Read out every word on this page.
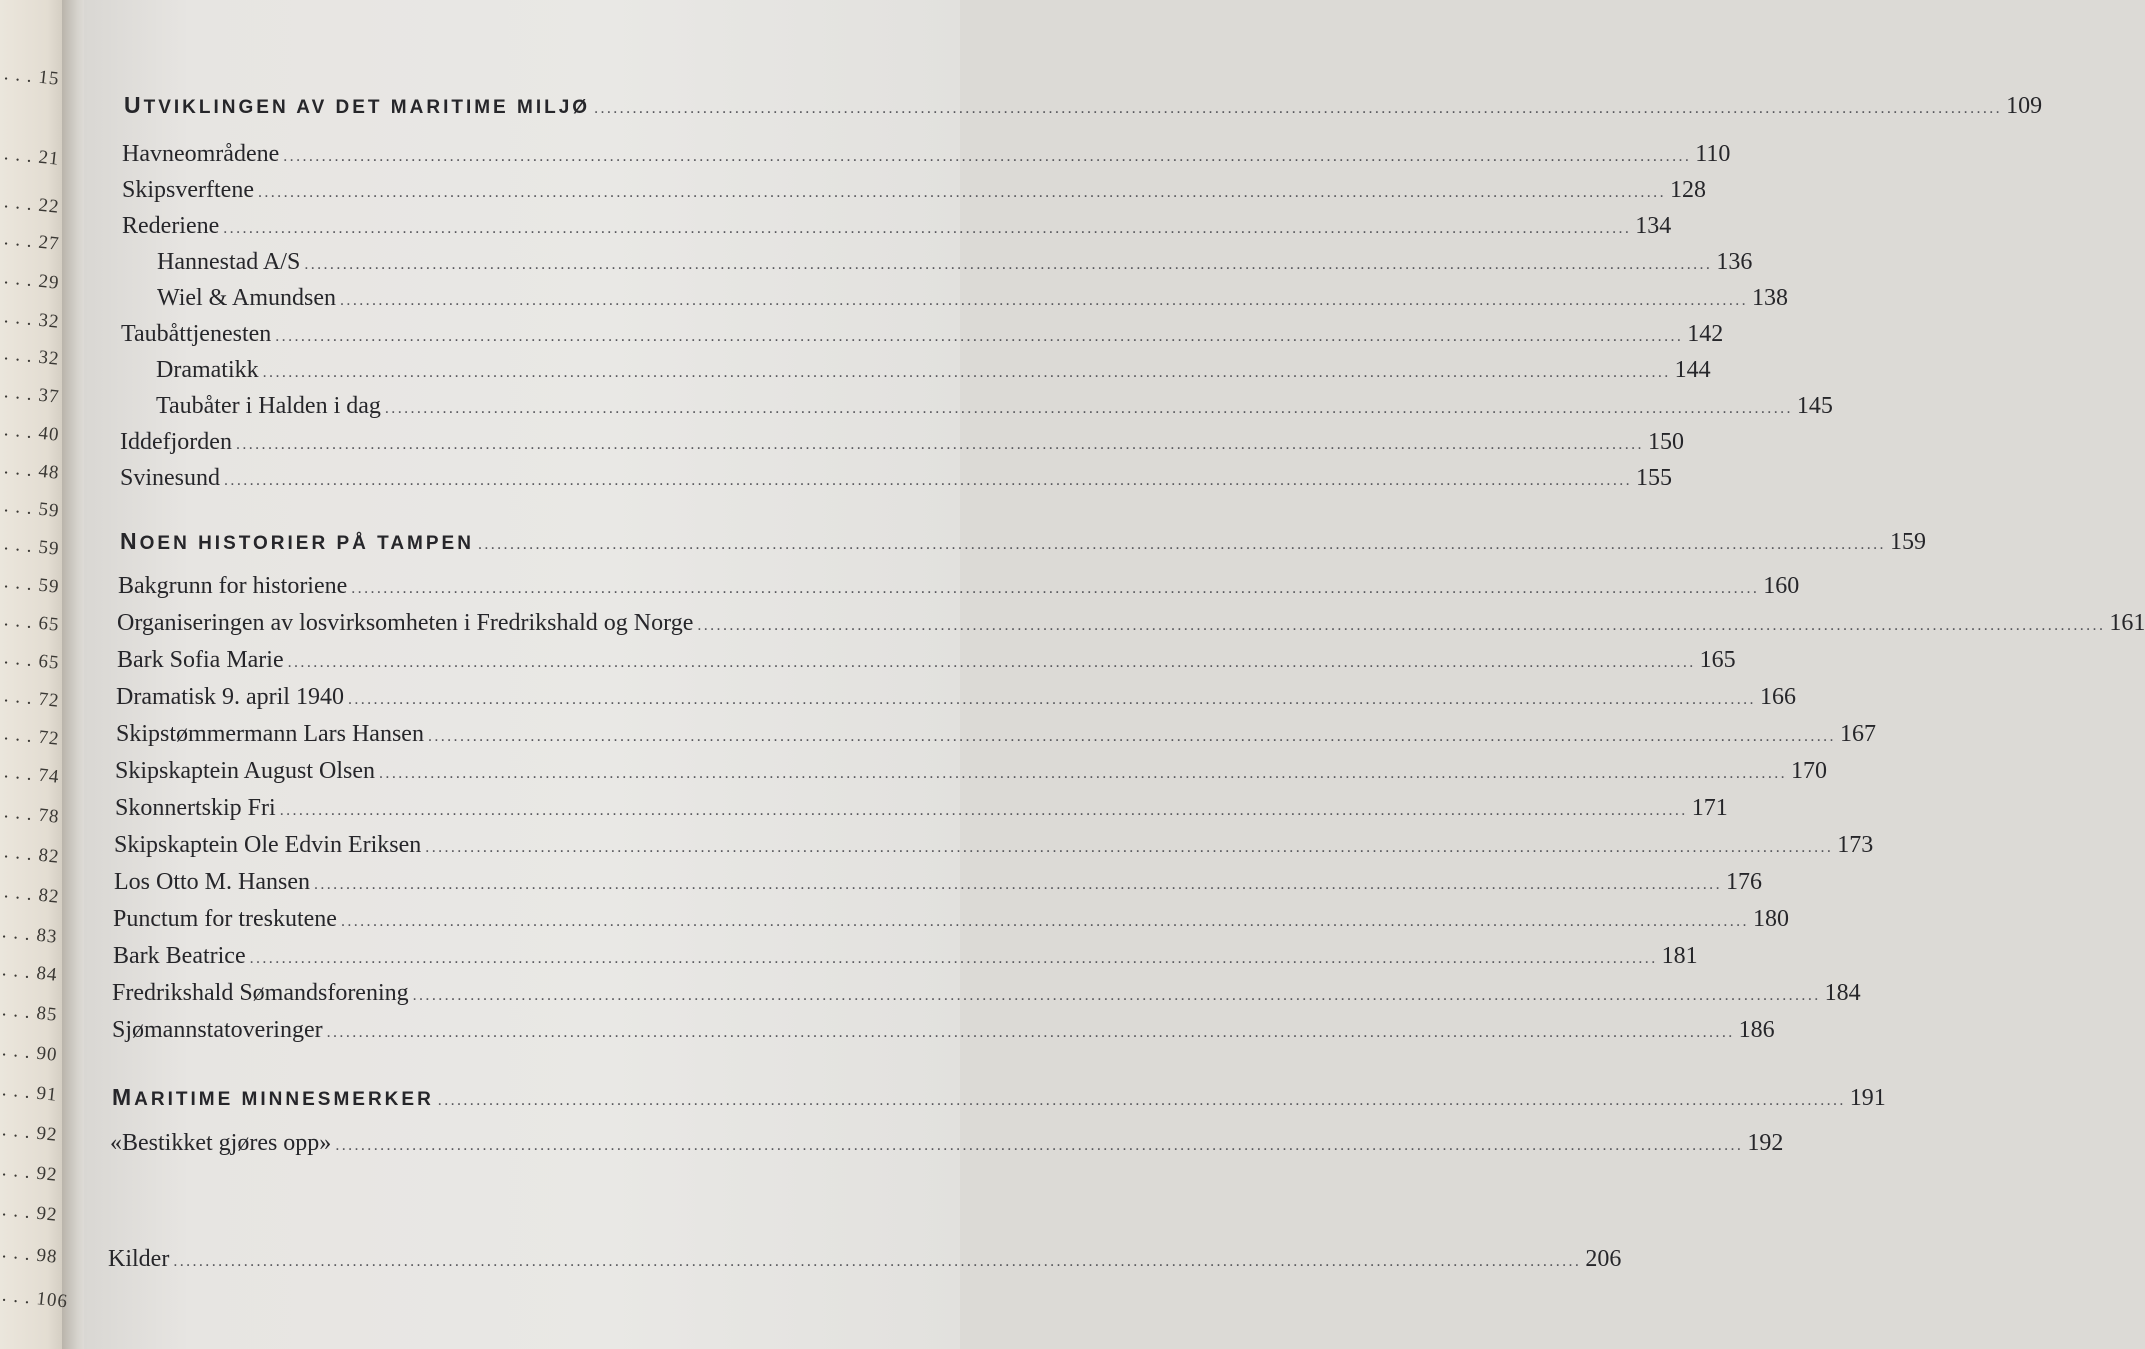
. . . 15
. . . 21
. . . 22
. . . 27
. . . 29
. . . 32
. . . 32
. . . 37
. . . 40
. . . 48
. . . 59
. . . 59
. . . 59
. . . 65
. . . 65
. . . 72
. . . 72
. . . 74
. . . 78
. . . 82
. . . 82
. . . 83
. . . 84
. . . 85
. . . 90
. . . 91
. . . 92
. . . 92
. . . 92
. . . 98
. . . 106
UTVIKLINGEN AV DET MARITIME MILJØ ............................................................................................................................................................................................................................ 109
Havneområdene ............................................................................................................................................................................................................................ 110
Skipsverftene ............................................................................................................................................................................................................................ 128
Rederiene ............................................................................................................................................................................................................................ 134
Hannestad A/S ............................................................................................................................................................................................................................ 136
Wiel & Amundsen ............................................................................................................................................................................................................................ 138
Taubåttjenesten ............................................................................................................................................................................................................................ 142
Dramatikk ............................................................................................................................................................................................................................ 144
Taubåter i Halden i dag ............................................................................................................................................................................................................................ 145
Iddefjorden ............................................................................................................................................................................................................................ 150
Svinesund ............................................................................................................................................................................................................................ 155
NOEN HISTORIER PÅ TAMPEN ............................................................................................................................................................................................................................ 159
Bakgrunn for historiene ............................................................................................................................................................................................................................ 160
Organiseringen av losvirksomheten i Fredrikshald og Norge ............................................................................................................................................................................................................................ 161
Bark Sofia Marie ............................................................................................................................................................................................................................ 165
Dramatisk 9. april 1940 ............................................................................................................................................................................................................................ 166
Skipstømmermann Lars Hansen ............................................................................................................................................................................................................................ 167
Skipskaptein August Olsen ............................................................................................................................................................................................................................ 170
Skonnertskip Fri ............................................................................................................................................................................................................................ 171
Skipskaptein Ole Edvin Eriksen ............................................................................................................................................................................................................................ 173
Los Otto M. Hansen ............................................................................................................................................................................................................................ 176
Punctum for treskutene ............................................................................................................................................................................................................................ 180
Bark Beatrice ............................................................................................................................................................................................................................ 181
Fredrikshald Sømandsforening ............................................................................................................................................................................................................................ 184
Sjømannstatoveringer ............................................................................................................................................................................................................................ 186
MARITIME MINNESMERKER ............................................................................................................................................................................................................................ 191
«Bestikket gjøres opp» ............................................................................................................................................................................................................................ 192
Kilder ............................................................................................................................................................................................................................ 206
